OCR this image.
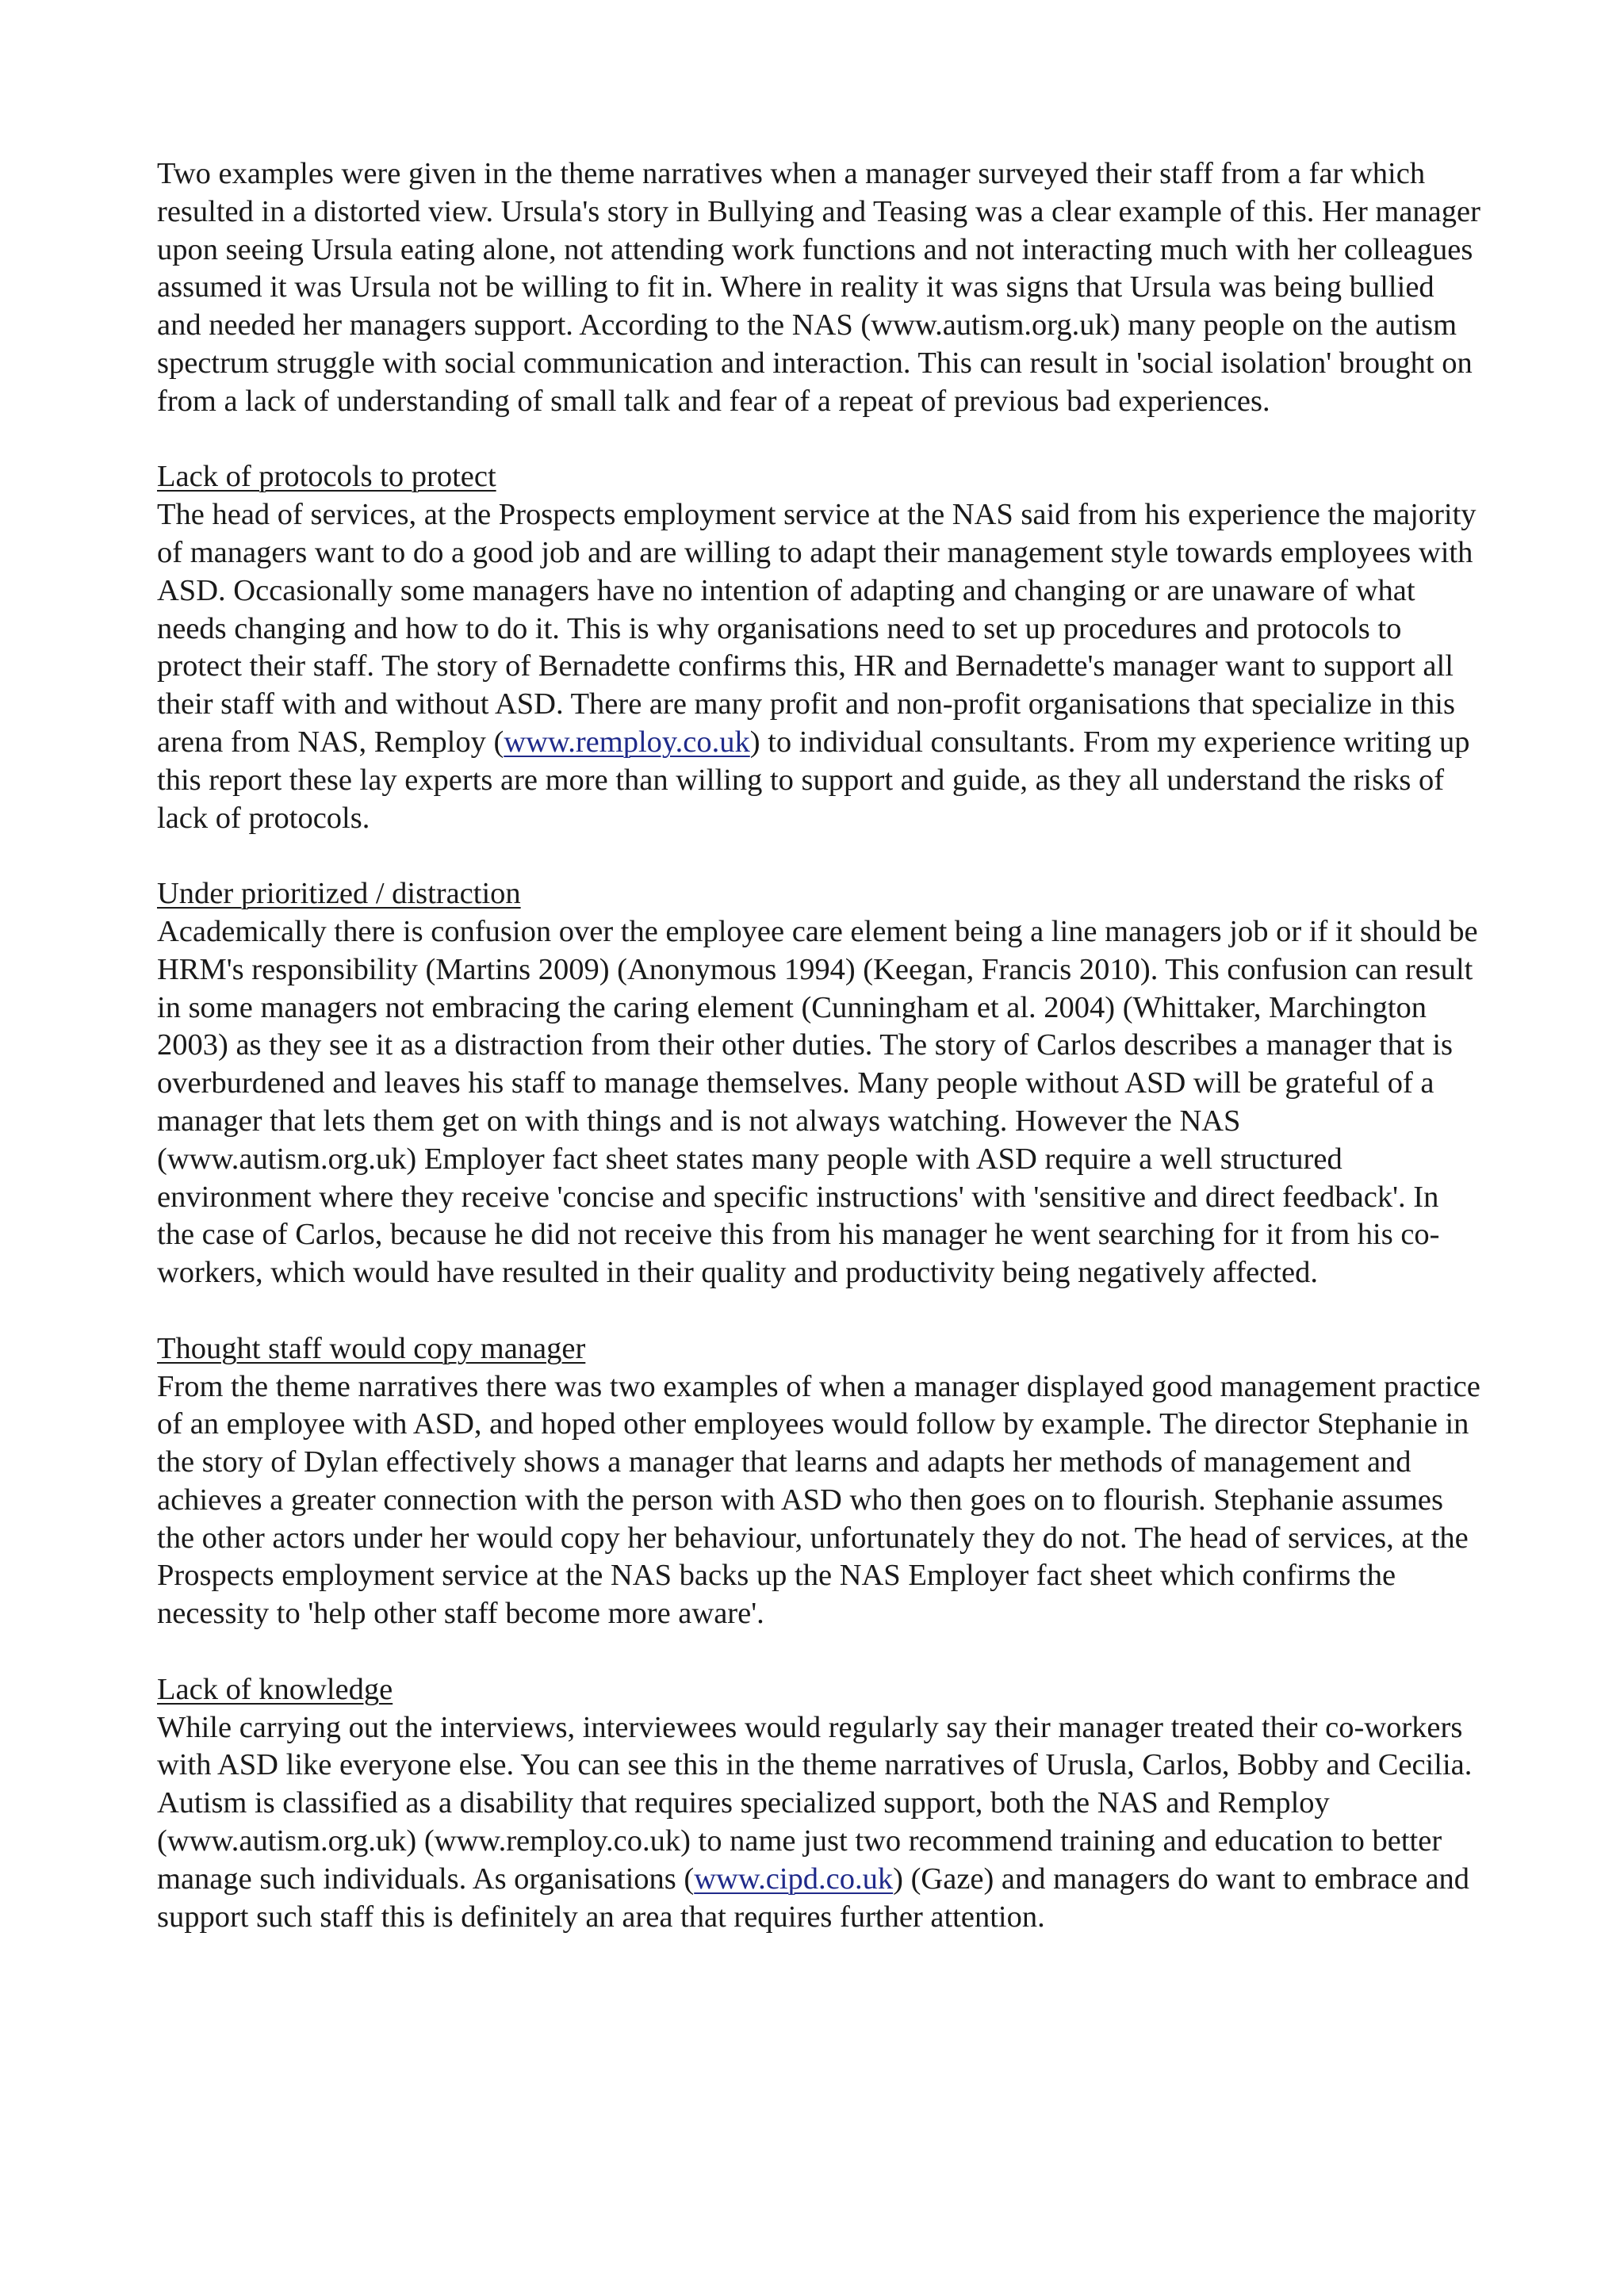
Two examples were given in the theme narratives when a manager surveyed their staff from a far which resulted in a distorted view. Ursula's story in Bullying and Teasing was a clear example of this. Her manager upon seeing Ursula eating alone, not attending work functions and not interacting much with her colleagues assumed it was Ursula not be willing to fit in. Where in reality it was signs that Ursula was being bullied and needed her managers support. According to the NAS (www.autism.org.uk) many people on the autism spectrum struggle with social communication and interaction. This can result in 'social isolation' brought on from a lack of understanding of small talk and fear of a repeat of previous bad experiences.

Lack of protocols to protect
The head of services, at the Prospects employment service at the NAS said from his experience the majority of managers want to do a good job and are willing to adapt their management style towards employees with ASD. Occasionally some managers have no intention of adapting and changing or are unaware of what needs changing and how to do it. This is why organisations need to set up procedures and protocols to protect their staff. The story of Bernadette confirms this, HR and Bernadette's manager want to support all their staff with and without ASD. There are many profit and non-profit organisations that specialize in this arena from NAS, Remploy (www.remploy.co.uk) to individual consultants. From my experience writing up this report these lay experts are more than willing to support and guide, as they all understand the risks of lack of protocols.
Under prioritized / distraction
Academically there is confusion over the employee care element being a line managers job or if it should be HRM's responsibility (Martins 2009) (Anonymous 1994) (Keegan, Francis 2010). This confusion can result in some managers not embracing the caring element (Cunningham et al. 2004) (Whittaker, Marchington 2003) as they see it as a distraction from their other duties. The story of Carlos describes a manager that is overburdened and leaves his staff to manage themselves. Many people without ASD will be grateful of a manager that lets them get on with things and is not always watching. However the NAS (www.autism.org.uk) Employer fact sheet states many people with ASD require a well structured environment where they receive 'concise and specific instructions' with 'sensitive and direct feedback'. In the case of Carlos, because he did not receive this from his manager he went searching for it from his co-workers, which would have resulted in their quality and productivity being negatively affected.
Thought staff would copy manager
From the theme narratives there was two examples of when a manager displayed good management practice of an employee with ASD, and hoped other employees would follow by example. The director Stephanie in the story of Dylan effectively shows a manager that learns and adapts her methods of management and achieves a greater connection with the person with ASD who then goes on to flourish. Stephanie assumes the other actors under her would copy her behaviour, unfortunately they do not. The head of services, at the Prospects employment service at the NAS backs up the NAS Employer fact sheet which confirms the necessity to 'help other staff become more aware'.
Lack of knowledge
While carrying out the interviews, interviewees would regularly say their manager treated their co-workers with ASD like everyone else. You can see this in the theme narratives of Urusla, Carlos, Bobby and Cecilia. Autism is classified as a disability that requires specialized support, both the NAS and Remploy (www.autism.org.uk) (www.remploy.co.uk) to name just two recommend training and education to better manage such individuals. As organisations (www.cipd.co.uk) (Gaze) and managers do want to embrace and support such staff this is definitely an area that requires further attention.
